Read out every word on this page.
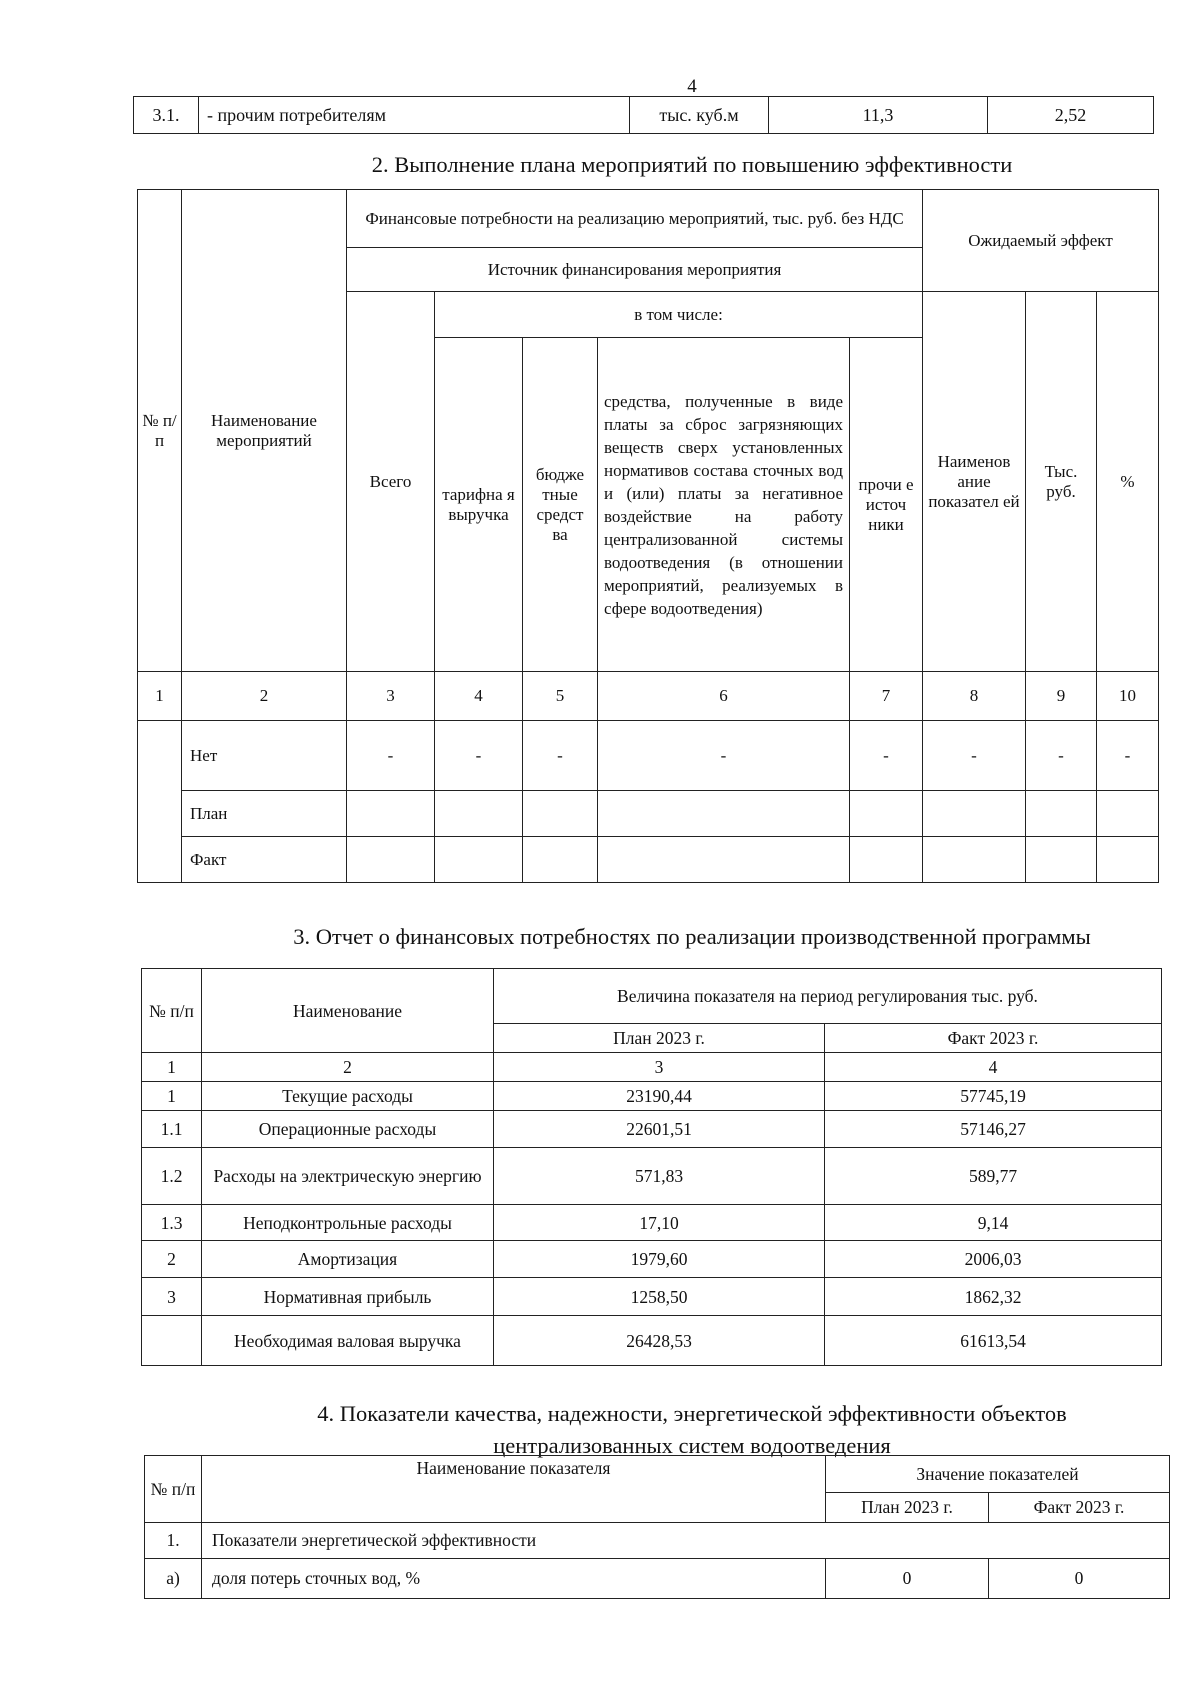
4
3.1.	- прочим потребителям	тыс. куб.м	11,3	2,52
2. Выполнение плана мероприятий по повышению эффективности
№ п/п	Наименование мероприятий	Финансовые потребности на реализацию мероприятий, тыс. руб. без НДС					Ожидаемый эффект		
		Источник финансирования мероприятия							
		Всего	в том числе:				Наименов ание показател ей	Тыс. руб.	%
			тарифна я выручка	бюдже тные средст ва	средства, полученные в виде платы за сброс загрязняющих веществ сверх установленных нормативов состава сточных вод и (или) платы за негативное воздействие на работу централизованной системы водоотведения (в отношении мероприятий, реализуемых в сфере водоотведения)	прочи е источ ники			
1	2	3	4	5	6	7	8	9	10
	Нет	-	-	-	-	-	-	-	-
	План								
	Факт								
3. Отчет о финансовых потребностях по реализации производственной программы
№ п/п	Наименование	Величина показателя на период регулирования тыс. руб.	
		План 2023 г.	Факт 2023 г.
1	2	3	4
1	Текущие расходы	23190,44	57745,19
1.1	Операционные расходы	22601,51	57146,27
1.2	Расходы на электрическую энергию	571,83	589,77
1.3	Неподконтрольные расходы	17,10	9,14
2	Амортизация	1979,60	2006,03
3	Нормативная прибыль	1258,50	1862,32
	Необходимая валовая выручка	26428,53	61613,54
4. Показатели качества, надежности, энергетической эффективности объектов
централизованных систем водоотведения
№ п/п	Наименование показателя	Значение показателей	
		План 2023 г.	Факт 2023 г.
1.	Показатели энергетической эффективности		
а)	доля потерь сточных вод, %	0	0
